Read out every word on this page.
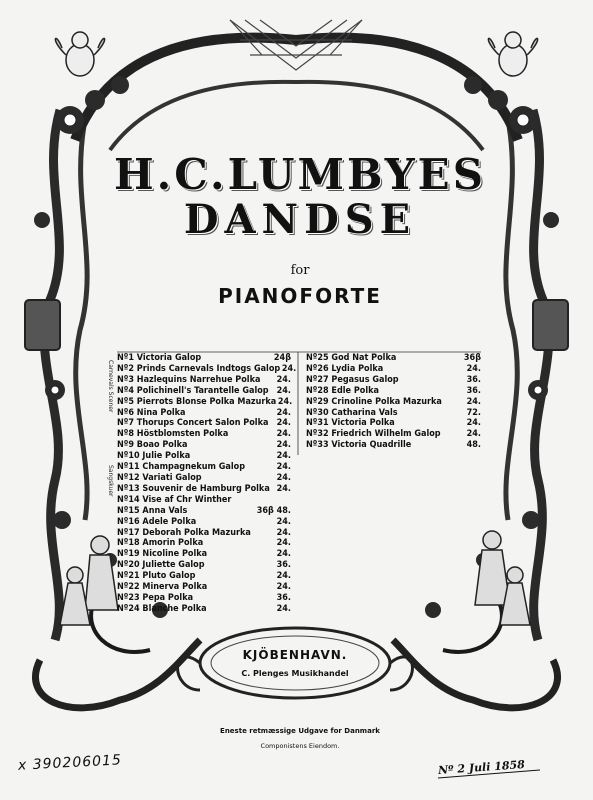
H.C.LUMBYES
DANDSE
for
PIANOFORTE
Carnevals Scener
Sangskuer
Nº1 Victoria Galop	24β
Nº2 Prinds Carnevals Indtogs Galop 24.
Nº3 Hazlequins Narrehue Polka 24.
Nº4 Polichinell's Tarantelle Galop 24.
Nº5 Pierrots Blonse Polka Mazurka 24.
Nº6 Nina Polka	24.
Nº7 Thorups Concert Salon Polka 24.
Nº8 Höstblomsten Polka	24.
Nº9 Boao Polka	24.
Nº10 Julie Polka	24.
Nº11 Champagnekum Galop	24.
Nº12 Variati Galop	24.
Nº13 Souvenir de Hamburg Polka 24.
Nº14 Vise af Chr Winther
Nº15 Anna Vals	36β 48.
Nº16 Adele Polka	24.
Nº17 Deborah Polka Mazurka	24.
Nº18 Amorin Polka	24.
Nº19 Nicoline Polka	24.
Nº20 Juliette Galop	36.
Nº21 Pluto Galop	24.
Nº22 Minerva Polka	24.
Nº23 Pepa Polka	36.
Nº24 Blanche Polka	24.
Nº25 God Nat Polka	36β
Nº26 Lydia Polka	24.
Nº27 Pegasus Galop	36.
Nº28 Edle Polka	36.
Nº29 Crinoline Polka Mazurka	24.
Nº30 Catharina Vals	72.
Nº31 Victoria Polka	24.
Nº32 Friedrich Wilhelm Galop	24.
Nº33 Victoria Quadrille	48.
KJÖBENHAVN.
C. Plenges Musikhandel
Eneste retmæssige Udgave for Danmark
Componistens Eiendom.
x 390206015	Nº 2 Juli 1858
